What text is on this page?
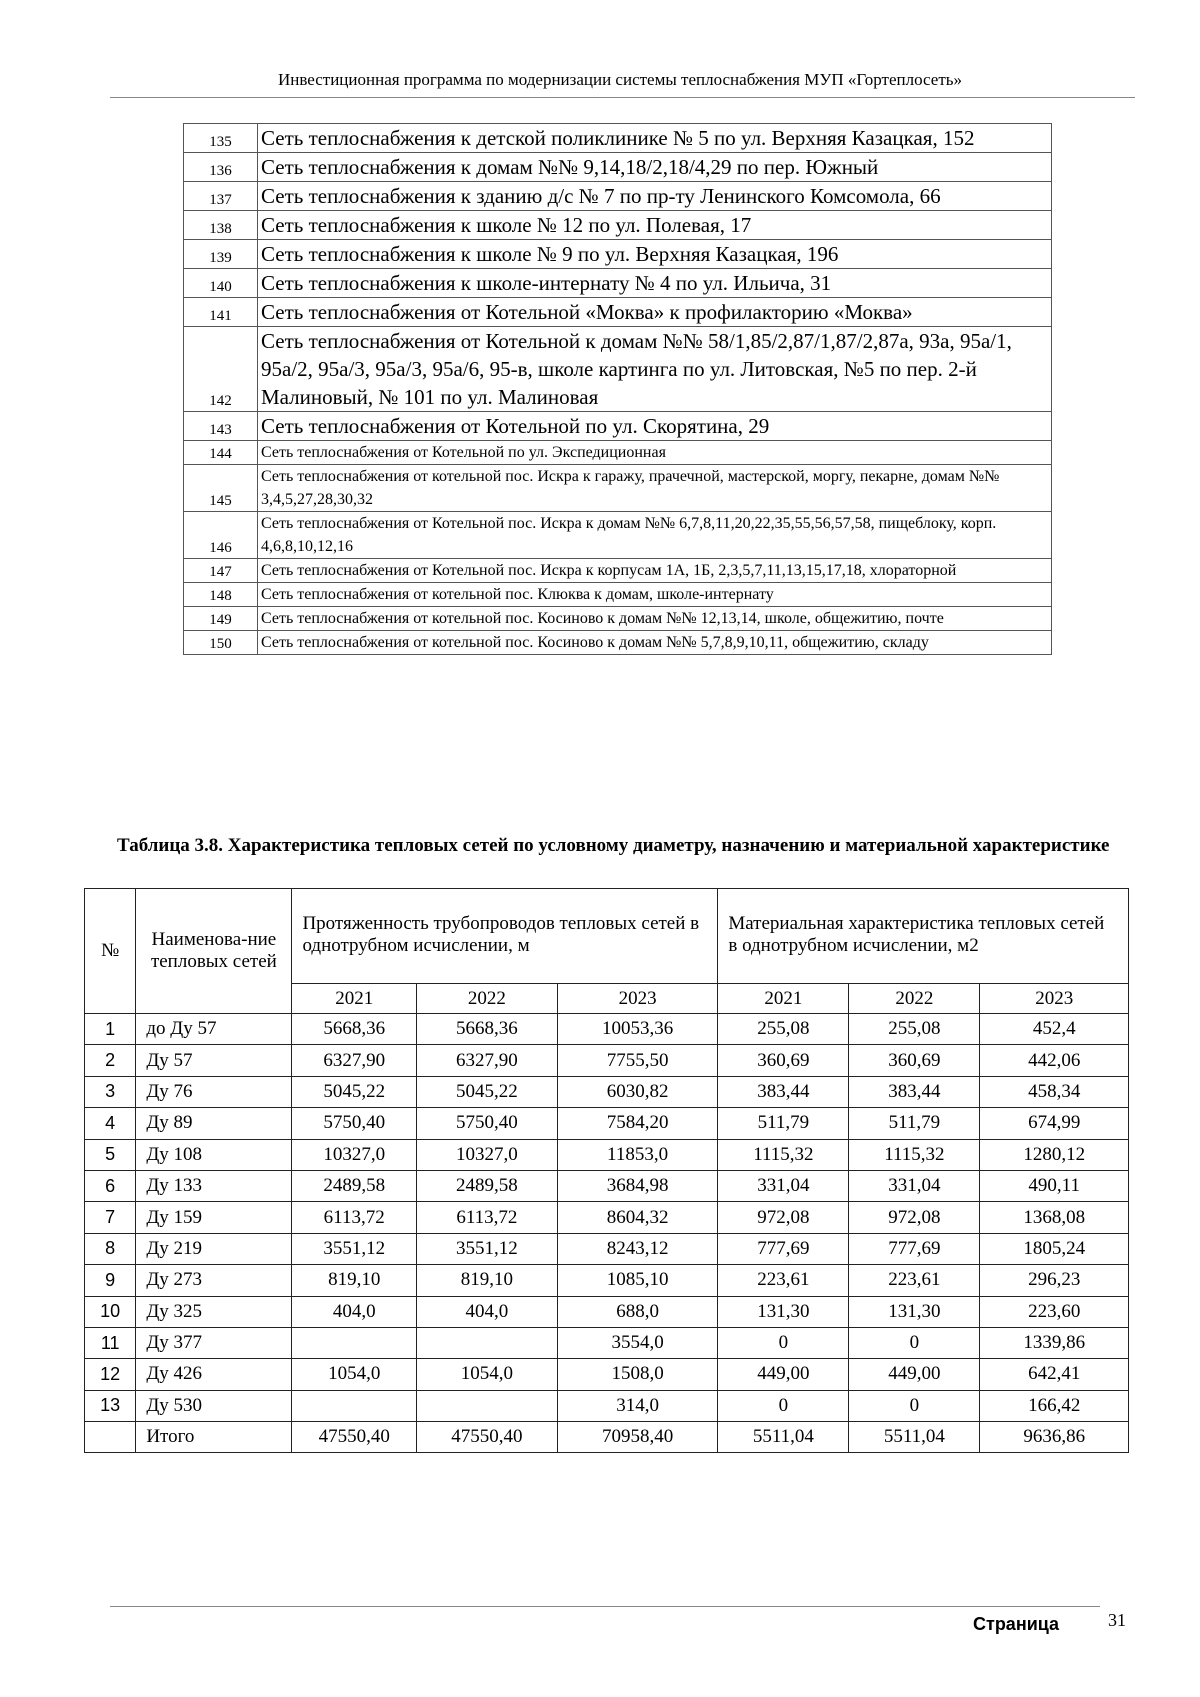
Инвестиционная программа по модернизации системы теплоснабжения МУП «Гортеплосеть»
135	Сеть теплоснабжения к детской поликлинике № 5 по ул. Верхняя Казацкая, 152
136	Сеть теплоснабжения к домам №№ 9,14,18/2,18/4,29 по пер. Южный
137	Сеть теплоснабжения к зданию д/с № 7 по пр-ту Ленинского Комсомола, 66
138	Сеть теплоснабжения к школе № 12 по ул. Полевая, 17
139	Сеть теплоснабжения к школе № 9 по ул. Верхняя Казацкая, 196
140	Сеть теплоснабжения к школе-интернату № 4 по ул. Ильича, 31
141	Сеть теплоснабжения от Котельной «Моква» к профилакторию «Моква»
142	Сеть теплоснабжения от Котельной к домам №№ 58/1,85/2,87/1,87/2,87а, 93а, 95а/1, 95а/2, 95а/3, 95а/3, 95а/6, 95-в, школе картинга по ул. Литовская, №5 по пер. 2-й Малиновый, № 101 по ул. Малиновая
143	Сеть теплоснабжения от Котельной по ул. Скорятина, 29
144	Сеть теплоснабжения от Котельной по ул. Экспедиционная
145	Сеть теплоснабжения от котельной пос. Искра к гаражу, прачечной, мастерской, моргу, пекарне, домам №№ 3,4,5,27,28,30,32
146	Сеть теплоснабжения от Котельной пос. Искра к домам №№ 6,7,8,11,20,22,35,55,56,57,58, пищеблоку, корп. 4,6,8,10,12,16
147	Сеть теплоснабжения от Котельной пос. Искра к корпусам 1А, 1Б, 2,3,5,7,11,13,15,17,18, хлораторной
148	Сеть теплоснабжения от котельной пос. Клюква к домам, школе-интернату
149	Сеть теплоснабжения от котельной пос. Косиново к домам №№ 12,13,14, школе, общежитию, почте
150	Сеть теплоснабжения от котельной пос. Косиново к домам №№ 5,7,8,9,10,11, общежитию, складу
Таблица 3.8. Характеристика тепловых сетей по условному диаметру, назначению и материальной характеристике
№	Наименова-ние тепловых сетей	Протяженность трубопроводов тепловых сетей в однотрубном исчислении, м			Материальная характеристика тепловых сетей в однотрубном исчислении, м2		
		2021	2022	2023	2021	2022	2023
1	до Ду 57	5668,36	5668,36	10053,36	255,08	255,08	452,4
2	Ду 57	6327,90	6327,90	7755,50	360,69	360,69	442,06
3	Ду 76	5045,22	5045,22	6030,82	383,44	383,44	458,34
4	Ду 89	5750,40	5750,40	7584,20	511,79	511,79	674,99
5	Ду 108	10327,0	10327,0	11853,0	1115,32	1115,32	1280,12
6	Ду 133	2489,58	2489,58	3684,98	331,04	331,04	490,11
7	Ду 159	6113,72	6113,72	8604,32	972,08	972,08	1368,08
8	Ду 219	3551,12	3551,12	8243,12	777,69	777,69	1805,24
9	Ду 273	819,10	819,10	1085,10	223,61	223,61	296,23
10	Ду 325	404,0	404,0	688,0	131,30	131,30	223,60
11	Ду 377			3554,0	0	0	1339,86
12	Ду 426	1054,0	1054,0	1508,0	449,00	449,00	642,41
13	Ду 530			314,0	0	0	166,42
	Итого	47550,40	47550,40	70958,40	5511,04	5511,04	9636,86
Страница	31
